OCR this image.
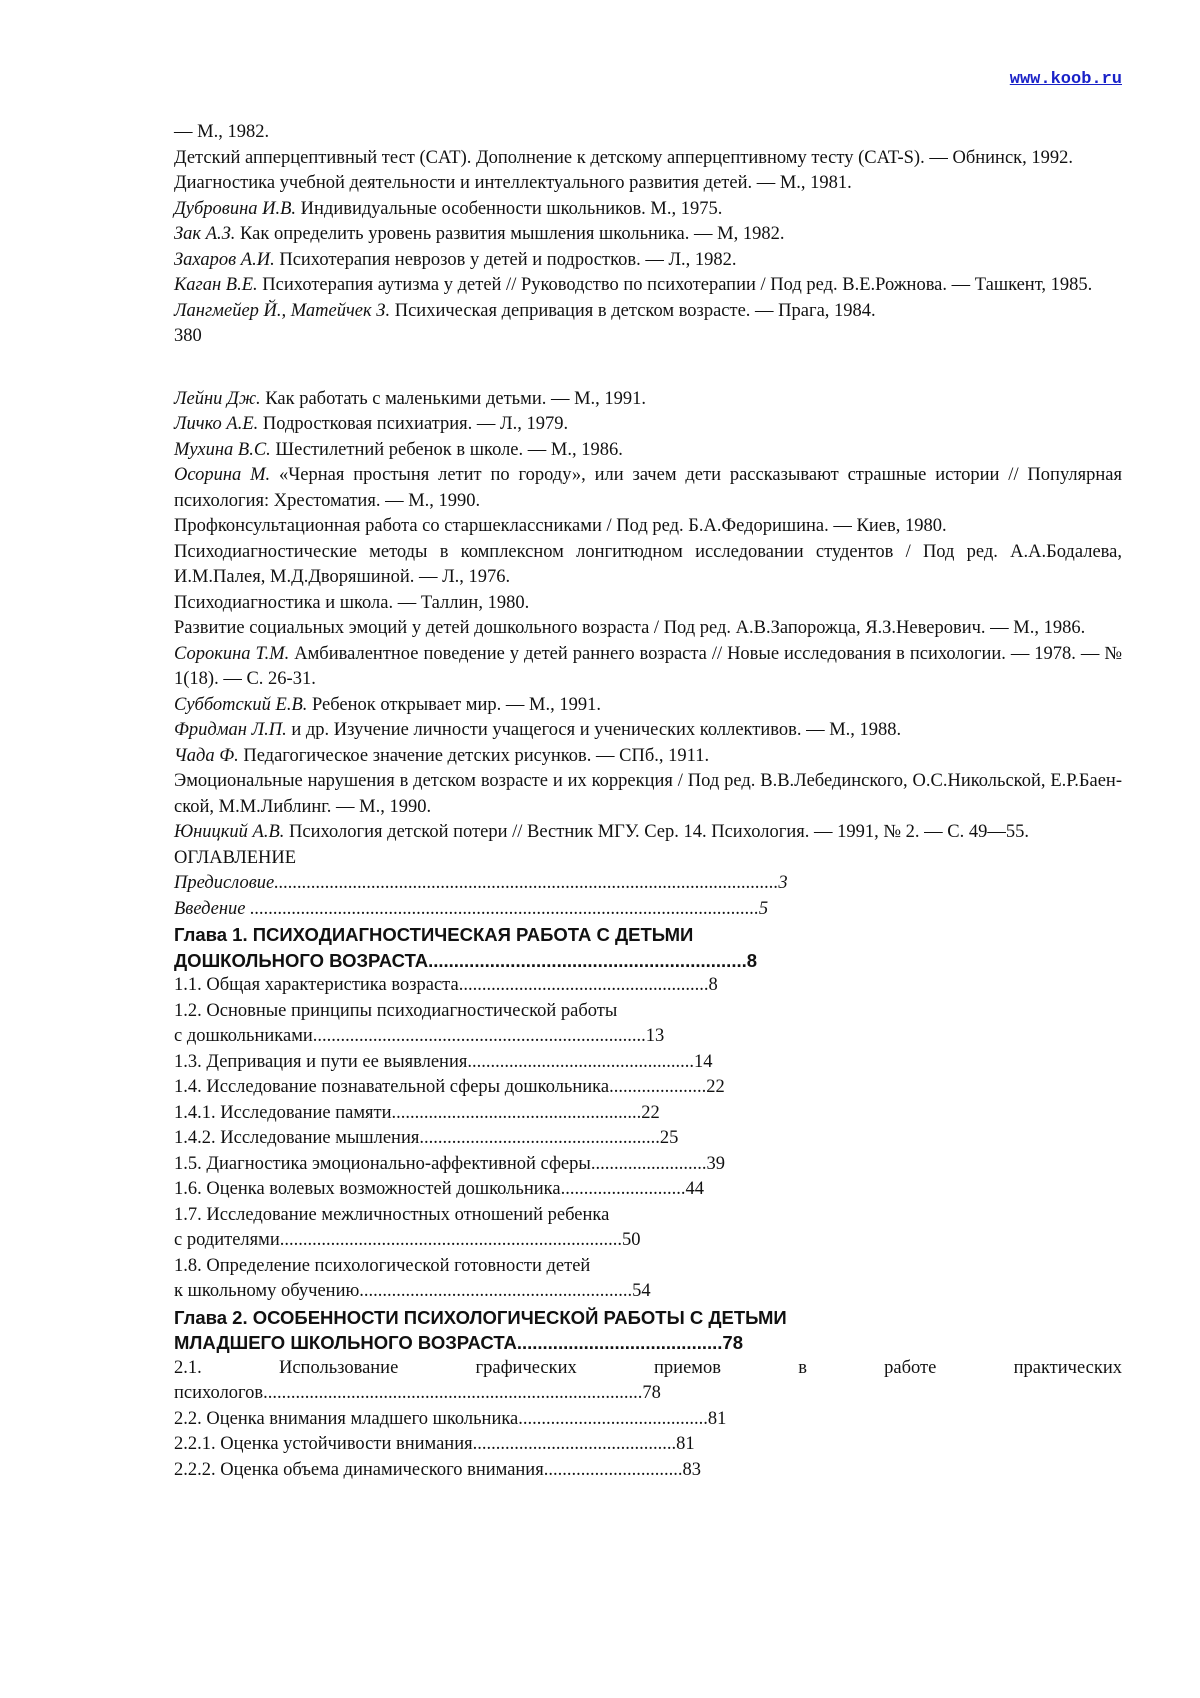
www.koob.ru

— М., 1982.

Детский апперцептивный тест (CAT). Дополнение к детскому апперцептивному тесту (CAT-S). — Обнинск, 1992.

Диагностика учебной деятельности и интеллектуального развития детей. — М., 1981.

Дубровина И.В. Индивидуальные особенности школьников. М., 1975.

Зак А.З. Как определить уровень развития мышления школьника. — М, 1982.

Захаров А.И. Психотерапия неврозов у детей и подростков. — Л., 1982.

Каган В.Е. Психотерапия аутизма у детей // Руководство по психотерапии / Под ред. В.Е.Рожнова. — Ташкент, 1985.

Лангмейер Й., Матейчек З. Психическая депривация в детском возрасте. — Прага, 1984.

380

Лейни Дж. Как работать с маленькими детьми. — М., 1991.

Личко А.Е. Подростковая психиатрия. — Л., 1979.

Мухина В.С. Шестилетний ребенок в школе. — М., 1986.

Осорина М. «Черная простыня летит по городу», или зачем дети рассказывают страшные истории // Популярная психология: Хрестоматия. — М., 1990.

Профконсультационная работа со старшеклассниками / Под ред. Б.А.Федоришина. — Киев, 1980.

Психодиагностические методы в комплексном лонгитюдном исследовании студентов / Под ред. А.А.Бодалева, И.М.Палея, М.Д.Дворяшиной. — Л., 1976.

Психодиагностика и школа. — Таллин, 1980.

Развитие социальных эмоций у детей дошкольного возраста / Под ред. А.В.Запорожца, Я.З.Неверович. — М., 1986.

Сорокина Т.М. Амбивалентное поведение у детей раннего возраста // Новые исследования в психологии. — 1978. — № 1(18). — С. 26-31.

Субботский Е.В. Ребенок открывает мир. — М., 1991.

Фридман Л.П. и др. Изучение личности учащегося и ученических коллективов. — М., 1988.

Чада Ф. Педагогическое значение детских рисунков. — СПб., 1911.

Эмоциональные нарушения в детском возрасте и их коррекция / Под ред. В.В.Лебединского, О.С.Никольской, Е.Р.Баен-ской, М.М.Либлинг. — М., 1990.

Юницкий А.В. Психология детской потери // Вестник МГУ. Сер. 14. Психология. — 1991, № 2. — С. 49—55.

ОГЛАВЛЕНИЕ

Предисловие.............................................................................................................3

Введение ..............................................................................................................5

Глава 1. ПСИХОДИАГНОСТИЧЕСКАЯ РАБОТА С ДЕТЬМИ

ДОШКОЛЬНОГО ВОЗРАСТА..............................................................8

1.1. Общая характеристика возраста......................................................8

1.2. Основные принципы психодиагностической работы

с дошкольниками........................................................................13

1.3. Депривация и пути ее выявления.................................................14

1.4. Исследование познавательной сферы дошкольника.....................22

1.4.1. Исследование памяти......................................................22

1.4.2. Исследование мышления....................................................25

1.5. Диагностика эмоционально-аффективной сферы.........................39

1.6. Оценка волевых возможностей дошкольника...........................44

1.7. Исследование межличностных отношений ребенка

с родителями..........................................................................50

1.8. Определение психологической готовности детей

к школьному обучению...........................................................54

Глава 2. ОСОБЕННОСТИ ПСИХОЛОГИЧЕСКОЙ РАБОТЫ С ДЕТЬМИ

МЛАДШЕГО ШКОЛЬНОГО ВОЗРАСТА........................................78

2.1. Использование графических приемов в работе практических

психологов..................................................................................78

2.2. Оценка внимания младшего школьника.........................................81

2.2.1. Оценка устойчивости внимания............................................81

2.2.2. Оценка объема динамического внимания..............................83
